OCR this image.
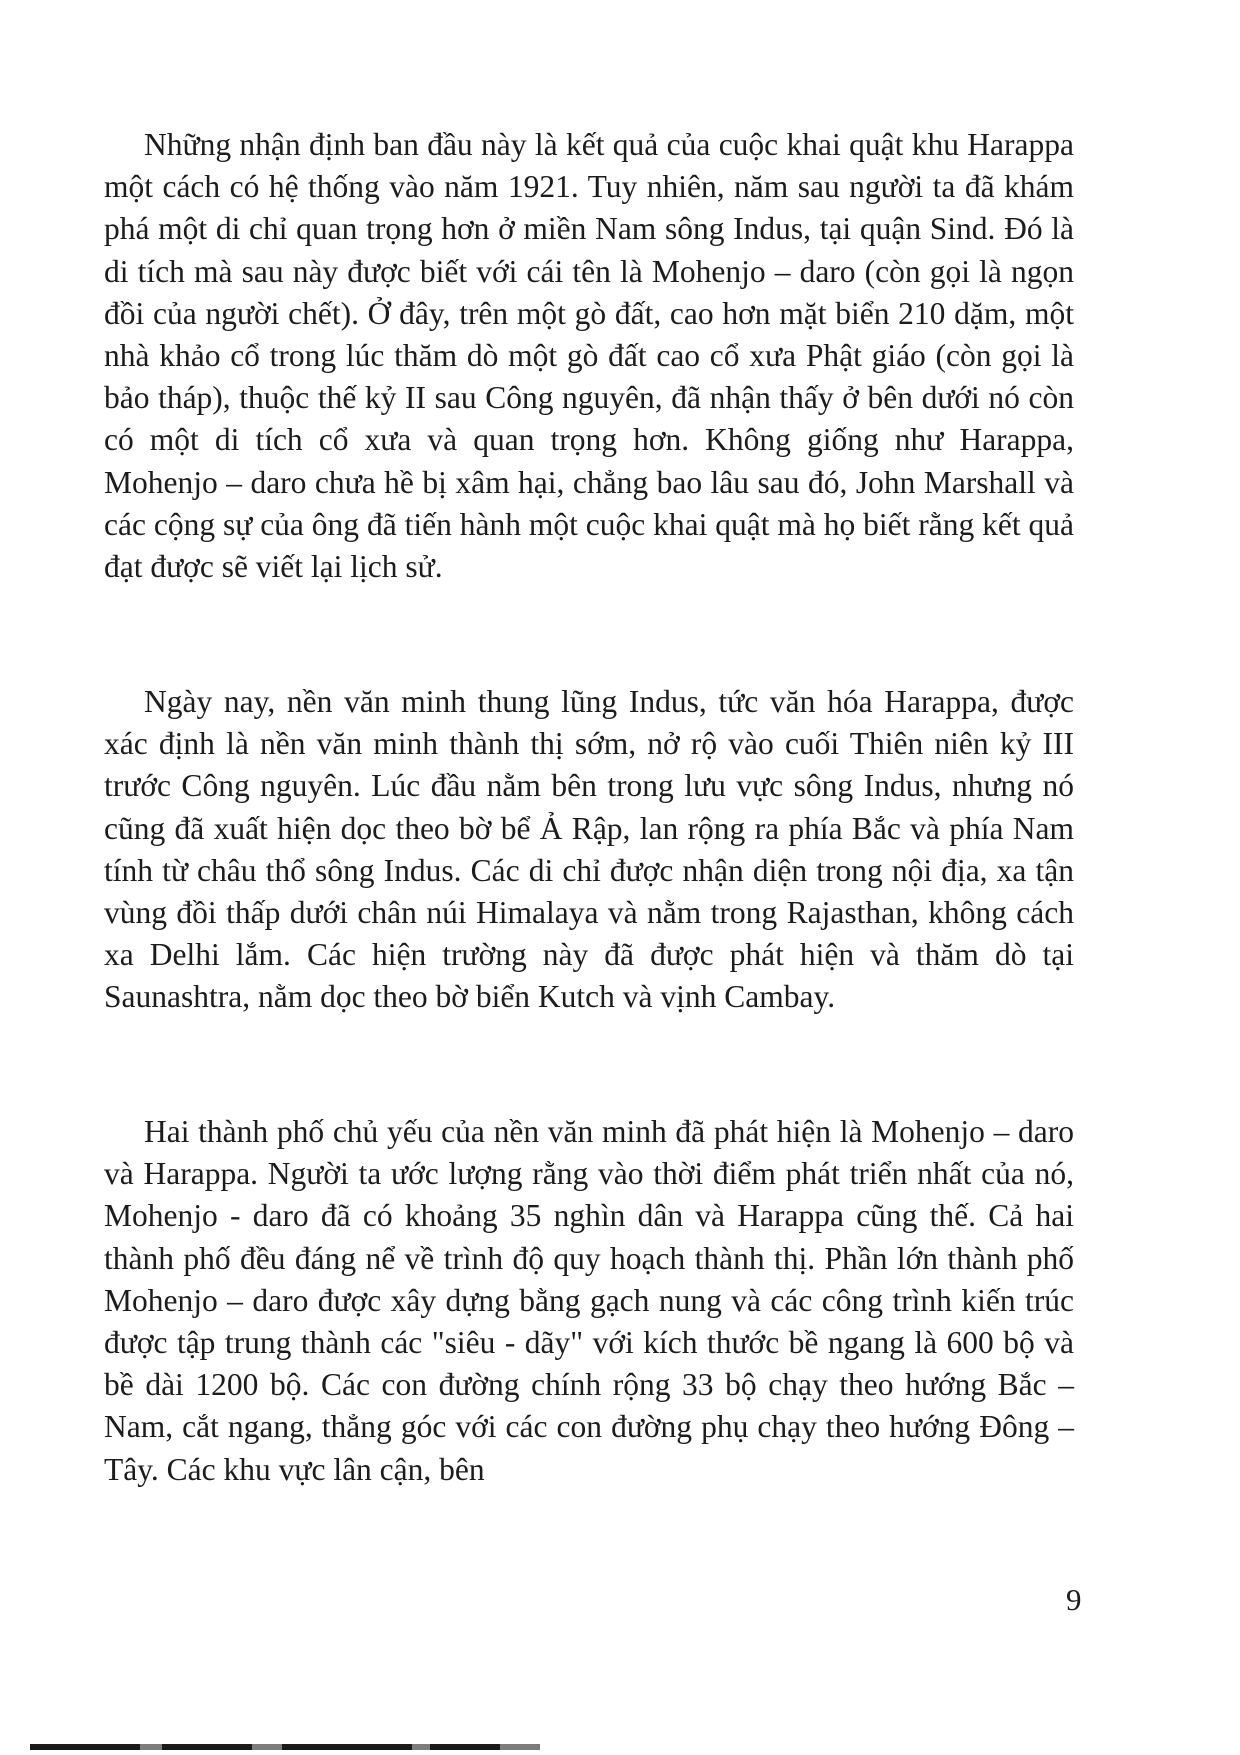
Những nhận định ban đầu này là kết quả của cuộc khai quật khu Harappa một cách có hệ thống vào năm 1921. Tuy nhiên, năm sau người ta đã khám phá một di chỉ quan trọng hơn ở miền Nam sông Indus, tại quận Sind. Đó là di tích mà sau này được biết với cái tên là Mohenjo – daro (còn gọi là ngọn đồi của người chết). Ở đây, trên một gò đất, cao hơn mặt biển 210 dặm, một nhà khảo cổ trong lúc thăm dò một gò đất cao cổ xưa Phật giáo (còn gọi là bảo tháp), thuộc thế kỷ II sau Công nguyên, đã nhận thấy ở bên dưới nó còn có một di tích cổ xưa và quan trọng hơn. Không giống như Harappa, Mohenjo – daro chưa hề bị xâm hại, chẳng bao lâu sau đó, John Marshall và các cộng sự của ông đã tiến hành một cuộc khai quật mà họ biết rằng kết quả đạt được sẽ viết lại lịch sử.

Ngày nay, nền văn minh thung lũng Indus, tức văn hóa Harappa, được xác định là nền văn minh thành thị sớm, nở rộ vào cuối Thiên niên kỷ III trước Công nguyên. Lúc đầu nằm bên trong lưu vực sông Indus, nhưng nó cũng đã xuất hiện dọc theo bờ bể Ả Rập, lan rộng ra phía Bắc và phía Nam tính từ châu thổ sông Indus. Các di chỉ được nhận diện trong nội địa, xa tận vùng đồi thấp dưới chân núi Himalaya và nằm trong Rajasthan, không cách xa Delhi lắm. Các hiện trường này đã được phát hiện và thăm dò tại Saunashtra, nằm dọc theo bờ biển Kutch và vịnh Cambay.

Hai thành phố chủ yếu của nền văn minh đã phát hiện là Mohenjo – daro và Harappa. Người ta ước lượng rằng vào thời điểm phát triển nhất của nó, Mohenjo - daro đã có khoảng 35 nghìn dân và Harappa cũng thế. Cả hai thành phố đều đáng nể về trình độ quy hoạch thành thị. Phần lớn thành phố Mohenjo – daro được xây dựng bằng gạch nung và các công trình kiến trúc được tập trung thành các "siêu - dãy" với kích thước bề ngang là 600 bộ và bề dài 1200 bộ. Các con đường chính rộng 33 bộ chạy theo hướng Bắc – Nam, cắt ngang, thẳng góc với các con đường phụ chạy theo hướng Đông – Tây. Các khu vực lân cận, bên

9
